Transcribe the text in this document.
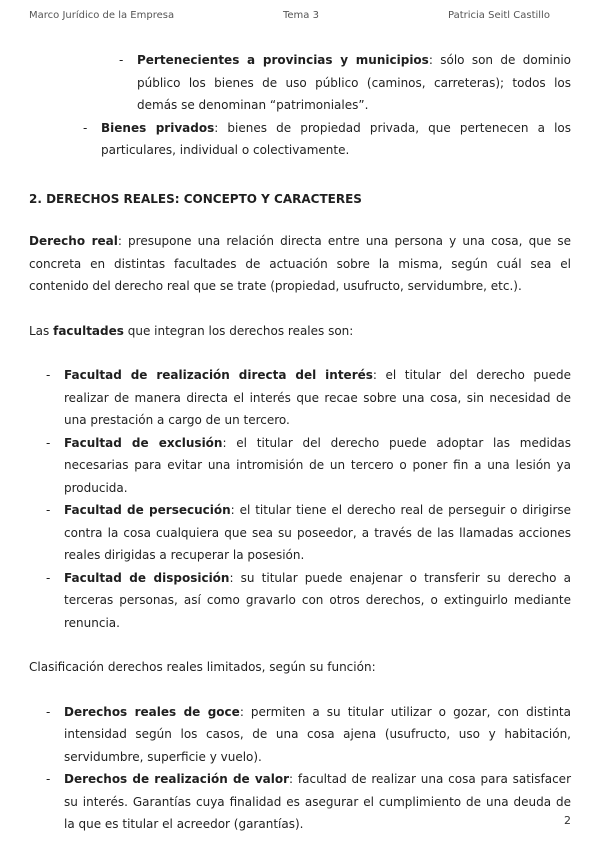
Marco Jurídico de la Empresa	Tema 3	Patricia Seitl Castillo
- Pertenecientes a provincias y municipios: sólo son de dominio público los bienes de uso público (caminos, carreteras); todos los demás se denominan “patrimoniales”.
- Bienes privados: bienes de propiedad privada, que pertenecen a los particulares, individual o colectivamente.
2. DERECHOS REALES: CONCEPTO Y CARACTERES

Derecho real: presupone una relación directa entre una persona y una cosa, que se concreta en distintas facultades de actuación sobre la misma, según cuál sea el contenido del derecho real que se trate (propiedad, usufructo, servidumbre, etc.).

Las facultades que integran los derechos reales son:

- Facultad de realización directa del interés: el titular del derecho puede realizar de manera directa el interés que recae sobre una cosa, sin necesidad de una prestación a cargo de un tercero.
- Facultad de exclusión: el titular del derecho puede adoptar las medidas necesarias para evitar una intromisión de un tercero o poner fin a una lesión ya producida.
- Facultad de persecución: el titular tiene el derecho real de perseguir o dirigirse contra la cosa cualquiera que sea su poseedor, a través de las llamadas acciones reales dirigidas a recuperar la posesión.
- Facultad de disposición: su titular puede enajenar o transferir su derecho a terceras personas, así como gravarlo con otros derechos, o extinguirlo mediante renuncia.

Clasificación derechos reales limitados, según su función:

- Derechos reales de goce: permiten a su titular utilizar o gozar, con distinta intensidad según los casos, de una cosa ajena (usufructo, uso y habitación, servidumbre, superficie y vuelo).
- Derechos de realización de valor: facultad de realizar una cosa para satisfacer su interés. Garantías cuya finalidad es asegurar el cumplimiento de una deuda de la que es titular el acreedor (garantías).	2
